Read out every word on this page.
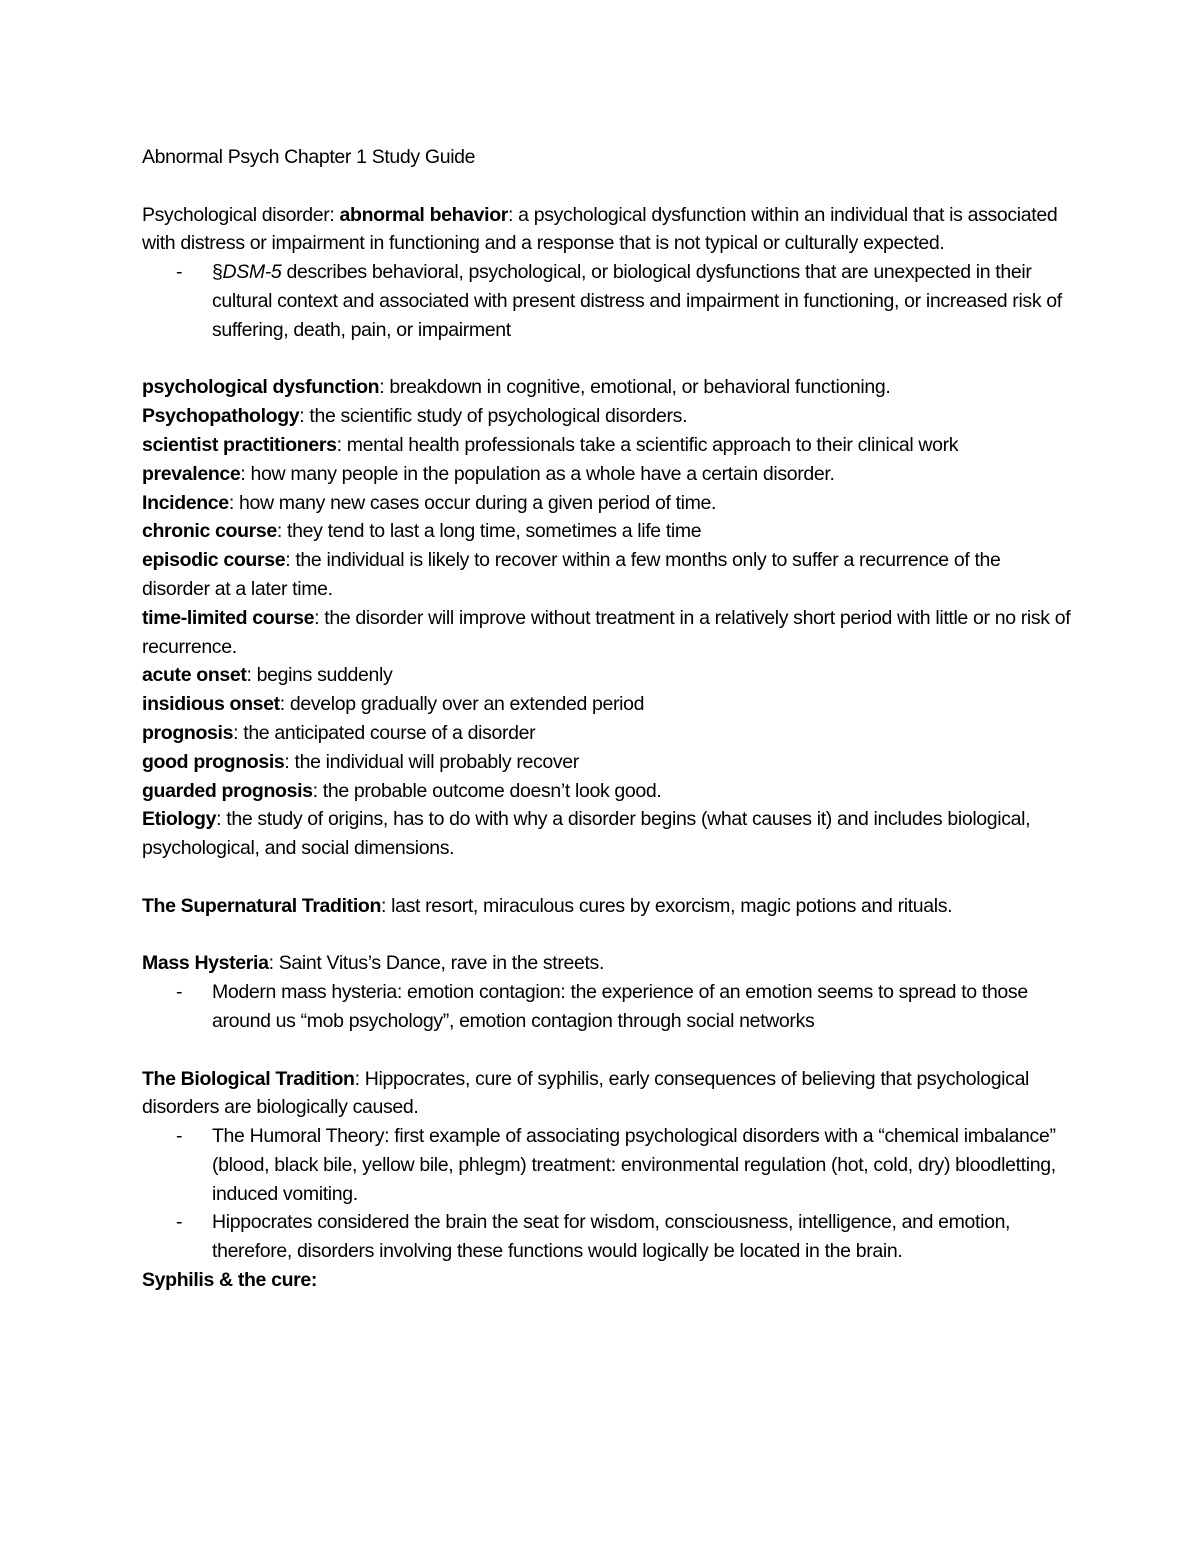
Abnormal Psych Chapter 1 Study Guide

Psychological disorder: abnormal behavior: a psychological dysfunction within an individual that is associated with distress or impairment in functioning and a response that is not typical or culturally expected.

- §DSM-5 describes behavioral, psychological, or biological dysfunctions that are unexpected in their cultural context and associated with present distress and impairment in functioning, or increased risk of suffering, death, pain, or impairment

psychological dysfunction: breakdown in cognitive, emotional, or behavioral functioning.

Psychopathology: the scientific study of psychological disorders.

scientist practitioners: mental health professionals take a scientific approach to their clinical work

prevalence: how many people in the population as a whole have a certain disorder.

Incidence: how many new cases occur during a given period of time.

chronic course: they tend to last a long time, sometimes a life time

episodic course: the individual is likely to recover within a few months only to suffer a recurrence of the disorder at a later time.

time-limited course: the disorder will improve without treatment in a relatively short period with little or no risk of recurrence.

acute onset: begins suddenly

insidious onset: develop gradually over an extended period

prognosis: the anticipated course of a disorder

good prognosis: the individual will probably recover

guarded prognosis: the probable outcome doesn’t look good.

Etiology: the study of origins, has to do with why a disorder begins (what causes it) and includes biological, psychological, and social dimensions.

The Supernatural Tradition: last resort, miraculous cures by exorcism, magic potions and rituals.

Mass Hysteria: Saint Vitus’s Dance, rave in the streets.

- Modern mass hysteria: emotion contagion: the experience of an emotion seems to spread to those around us “mob psychology”, emotion contagion through social networks

The Biological Tradition: Hippocrates, cure of syphilis, early consequences of believing that psychological disorders are biologically caused.

- The Humoral Theory: first example of associating psychological disorders with a “chemical imbalance” (blood, black bile, yellow bile, phlegm) treatment: environmental regulation (hot, cold, dry) bloodletting, induced vomiting.
- Hippocrates considered the brain the seat for wisdom, consciousness, intelligence, and emotion, therefore, disorders involving these functions would logically be located in the brain.

Syphilis & the cure:
